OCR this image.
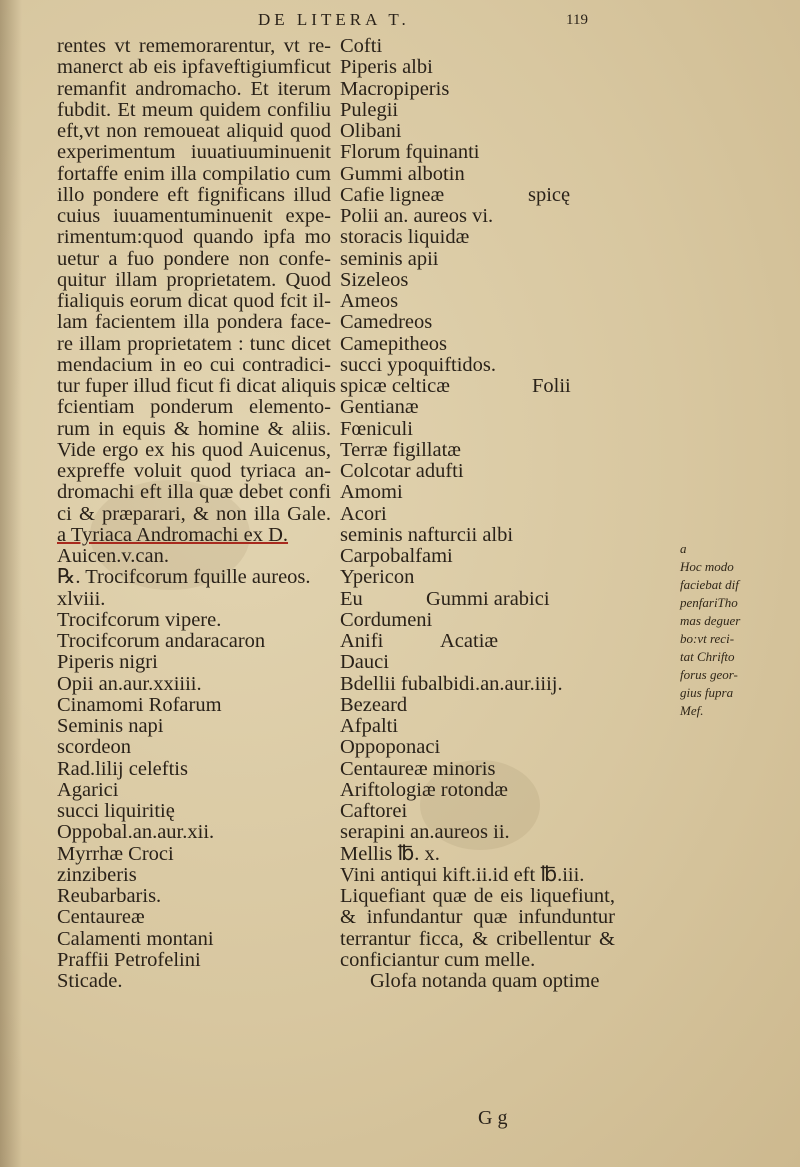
DE LITERA T.	119
rentes vt rememorarentur, vt re-
manerct ab eis ipfaveftigiumficut
remanfit andromacho. Et iterum
fubdit. Et meum quidem confiliu
eft,vt non remoueat aliquid quod
experimentum iuuatiuuminuenit
fortaffe enim illa compilatio cum
illo pondere eft fignificans illud
cuius iuuamentuminuenit expe-
rimentum:quod quando ipfa mo
uetur a fuo pondere non confe-
quitur illam proprietatem. Quod
fialiquis eorum dicat quod fcit il-
lam facientem illa pondera face-
re illam proprietatem : tunc dicet
mendacium in eo cui contradici-
tur fuper illud ficut fi dicat aliquis
fcientiam ponderum elemento-
rum in equis & homine & aliis.
Vide ergo ex his quod Auicenus,
expreffe voluit quod tyriaca an-
dromachi eft illa quæ debet confi
ci & præparari, & non illa Gale.
a Tyriaca Andromachi ex D.
Auicen.v.can.
℞. Trocifcorum fquille aureos.
xlviii.
Trocifcorum vipere.
Trocifcorum andaracaron
Piperis nigri
Opii an.aur.xxiiii.
Cinamomi Rofarum
Seminis napi
scordeon
Rad.lilij celeftis
Agarici
succi liquiritię
Oppobal.an.aur.xii.
Myrrhæ Croci
zinziberis
Reubarbaris.
Centaureæ
Calamenti montani
Praffii Petrofelini
Sticade.
Cofti
Piperis albi
Macropiperis
Pulegii
Olibani
Florum fquinanti
Gummi albotin
Cafie ligneæ	spicę
Polii an. aureos vi.
storacis liquidæ
seminis apii
Sizeleos
Ameos
Camedreos
Camepitheos
succi ypoquiftidos.
spicæ celticæ	Folii
Gentianæ
Fœniculi
Terræ figillatæ
Colcotar adufti
Amomi
Acori
seminis nafturcii albi
Carpobalfami
Ypericon
Eu	Gummi arabici
Cordumeni
Anifi	Acatiæ
Dauci
Bdellii fubalbidi.an.aur.iiij.
Bezeard
Afpalti
Oppoponaci
Centaureæ minoris
Ariftologiæ rotondæ
Caftorei
serapini an.aureos ii.
Mellis ℔. x.
Vini antiqui kift.ii.id eft ℔.iii.
Liquefiant quæ de eis liquefiunt,
& infundantur quæ infunduntur
terrantur ficca, & cribellentur &
conficiantur cum melle.
Glofa notanda quam optime
a
Hoc modo
faciebat dif
penfariTho
mas deguer
bo:vt reci-
tat Chrifto
forus geor-
gius fupra
Mef.
G g
